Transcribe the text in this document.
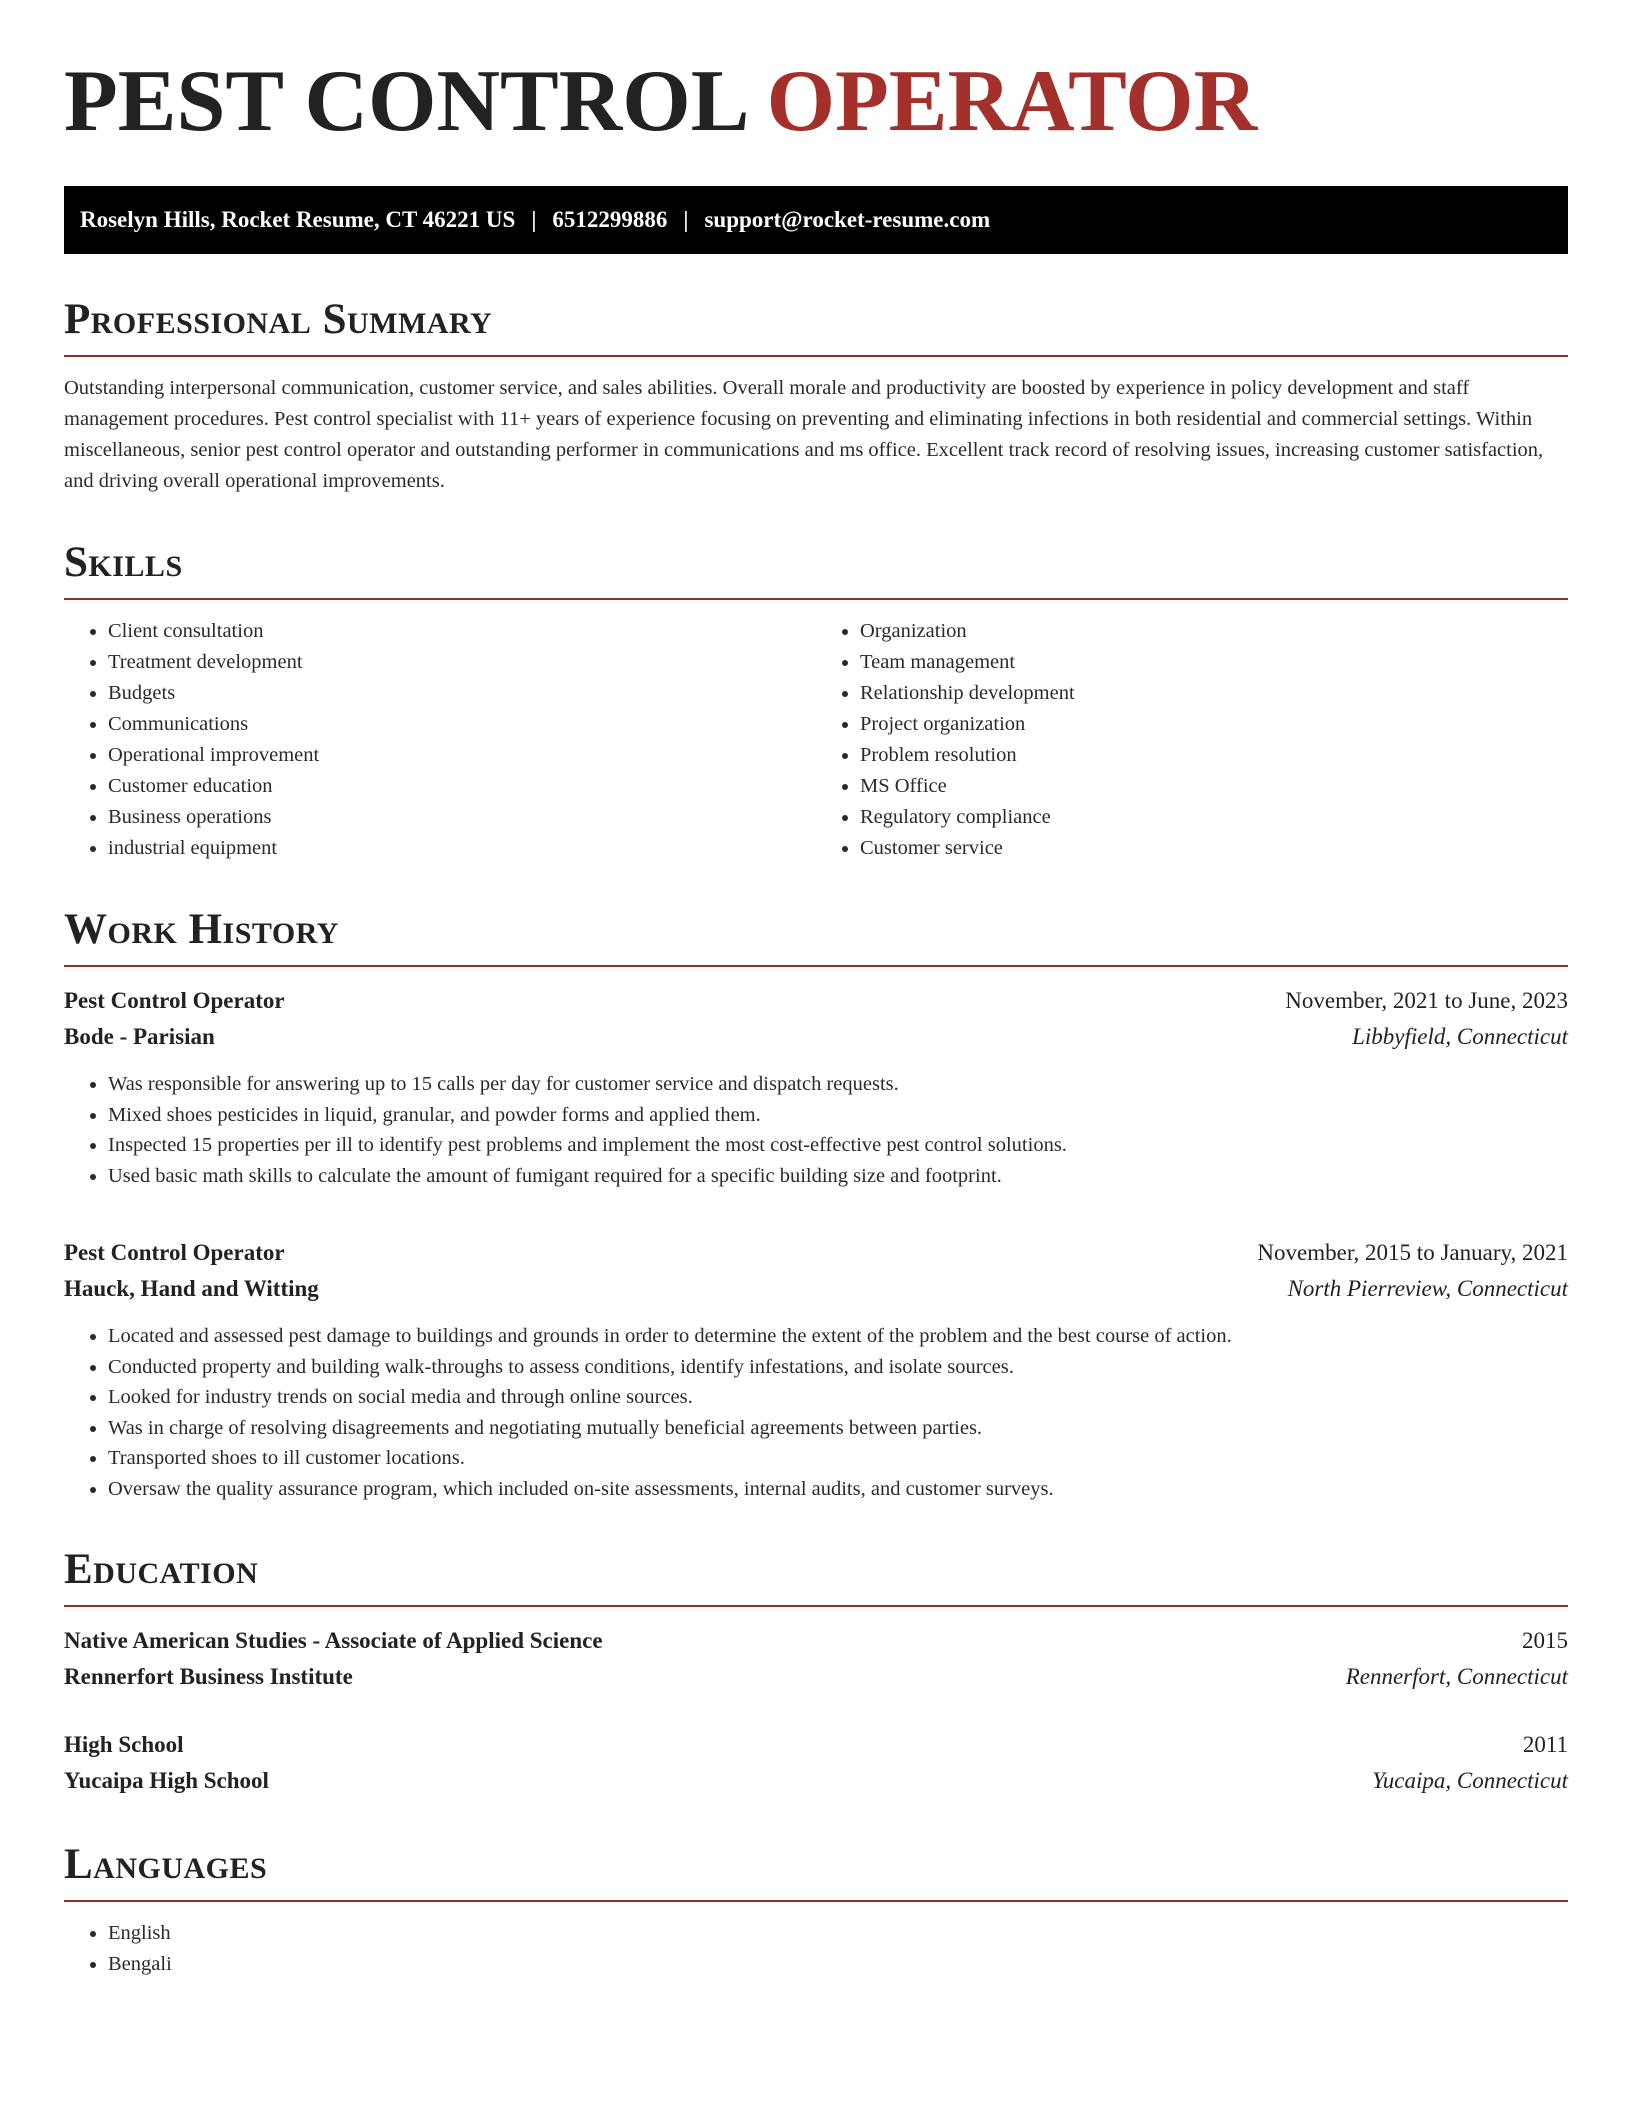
PEST CONTROL OPERATOR
Roselyn Hills, Rocket Resume, CT 46221 US | 6512299886 | support@rocket-resume.com
Professional Summary

Outstanding interpersonal communication, customer service, and sales abilities. Overall morale and productivity are boosted by experience in policy development and staff management procedures. Pest control specialist with 11+ years of experience focusing on preventing and eliminating infections in both residential and commercial settings. Within miscellaneous, senior pest control operator and outstanding performer in communications and ms office. Excellent track record of resolving issues, increasing customer satisfaction, and driving overall operational improvements.

Skills
• Client consultation
• Treatment development
• Budgets
• Communications
• Operational improvement
• Customer education
• Business operations
• industrial equipment
• Organization
• Team management
• Relationship development
• Project organization
• Problem resolution
• MS Office
• Regulatory compliance
• Customer service
Work History
Pest Control Operator	November, 2021 to June, 2023
Bode - Parisian	Libbyfield, Connecticut
• Was responsible for answering up to 15 calls per day for customer service and dispatch requests.
• Mixed shoes pesticides in liquid, granular, and powder forms and applied them.
• Inspected 15 properties per ill to identify pest problems and implement the most cost-effective pest control solutions.
• Used basic math skills to calculate the amount of fumigant required for a specific building size and footprint.
Pest Control Operator	November, 2015 to January, 2021
Hauck, Hand and Witting	North Pierreview, Connecticut
• Located and assessed pest damage to buildings and grounds in order to determine the extent of the problem and the best course of action.
• Conducted property and building walk-throughs to assess conditions, identify infestations, and isolate sources.
• Looked for industry trends on social media and through online sources.
• Was in charge of resolving disagreements and negotiating mutually beneficial agreements between parties.
• Transported shoes to ill customer locations.
• Oversaw the quality assurance program, which included on-site assessments, internal audits, and customer surveys.
Education
Native American Studies - Associate of Applied Science	2015
Rennerfort Business Institute	Rennerfort, Connecticut
High School	2011
Yucaipa High School	Yucaipa, Connecticut
Languages
• English
• Bengali
